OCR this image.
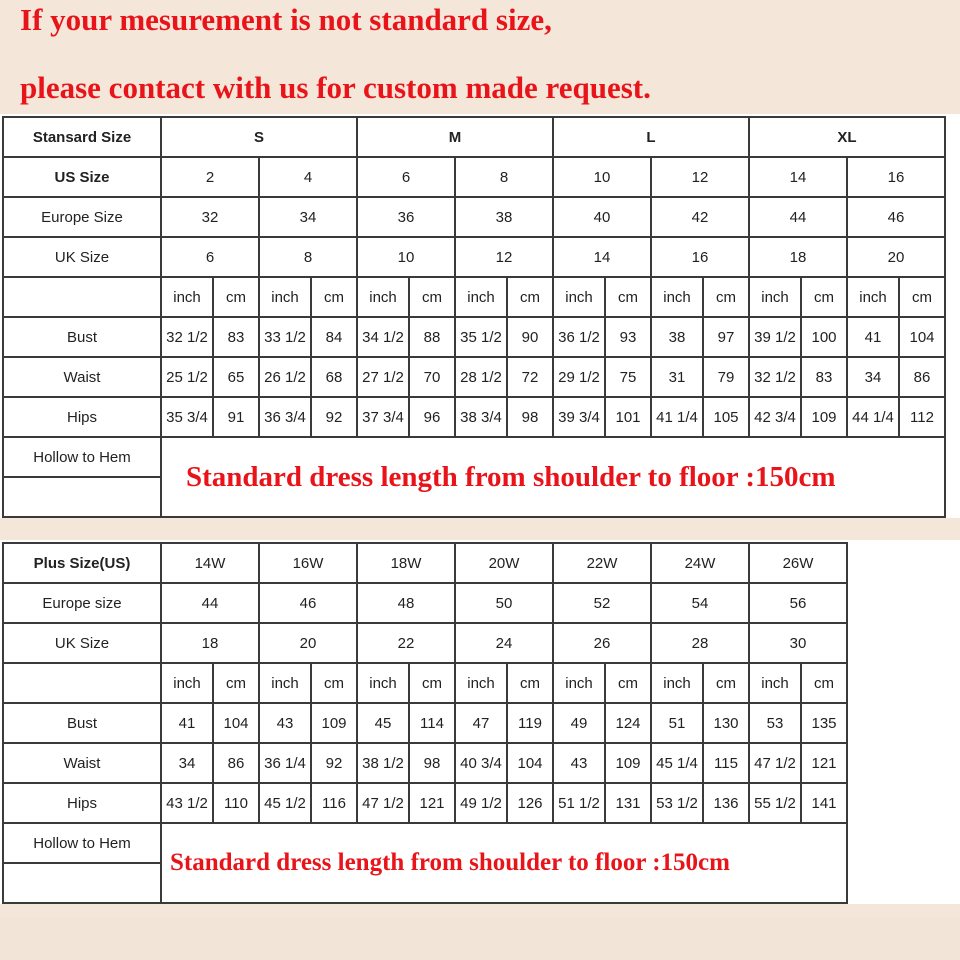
If your mesurement is not standard size,

please contact with us for custom made request.

Stansard Size	S				M				L				XL			
US Size	2		4		6		8		10		12		14		16	
Europe Size	32		34		36		38		40		42		44		46	
UK Size	6		8		10		12		14		16		18		20	
	inch	cm	inch	cm	inch	cm	inch	cm	inch	cm	inch	cm	inch	cm	inch	cm
Bust	32 1/2	83	33 1/2	84	34 1/2	88	35 1/2	90	36 1/2	93	38	97	39 1/2	100	41	104
Waist	25 1/2	65	26 1/2	68	27 1/2	70	28 1/2	72	29 1/2	75	31	79	32 1/2	83	34	86
Hips	35 3/4	91	36 3/4	92	37 3/4	96	38 3/4	98	39 3/4	101	41 1/4	105	42 3/4	109	44 1/4	112
Hollow to Hem	Standard dress length from shoulder to floor :150cm															

Plus Size(US)	14W		16W		18W		20W		22W		24W		26W	
Europe size	44		46		48		50		52		54		56	
UK Size	18		20		22		24		26		28		30	
	inch	cm	inch	cm	inch	cm	inch	cm	inch	cm	inch	cm	inch	cm
Bust	41	104	43	109	45	114	47	119	49	124	51	130	53	135
Waist	34	86	36 1/4	92	38 1/2	98	40 3/4	104	43	109	45 1/4	115	47 1/2	121
Hips	43 1/2	110	45 1/2	116	47 1/2	121	49 1/2	126	51 1/2	131	53 1/2	136	55 1/2	141
Hollow to Hem	Standard dress length from shoulder to floor :150cm													
